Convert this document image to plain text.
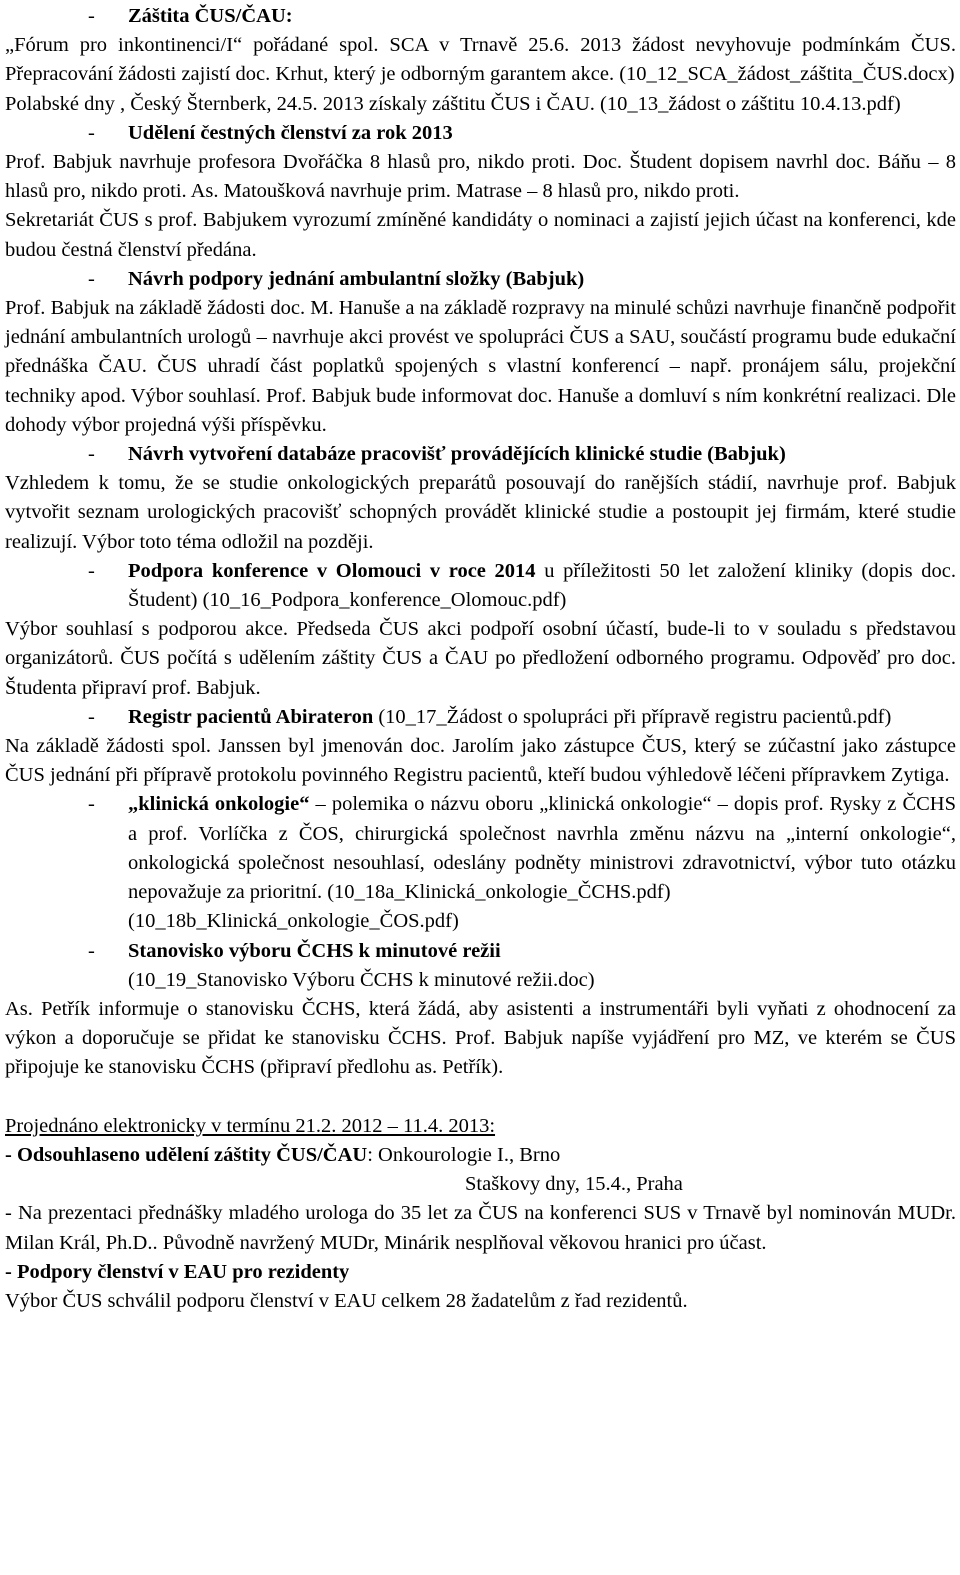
-	Záštita ČUS/ČAU:

„Fórum pro inkontinenci/I“ pořádané spol. SCA v Trnavě 25.6. 2013 žádost nevyhovuje podmínkám ČUS. Přepracování žádosti zajistí doc. Krhut, který je odborným garantem akce. (10_12_SCA_žádost_záštita_ČUS.docx)

Polabské dny , Český Šternberk, 24.5. 2013 získaly záštitu ČUS i ČAU. (10_13_žádost o záštitu 10.4.13.pdf)

-	Udělení čestných členství za rok 2013

Prof. Babjuk navrhuje profesora Dvořáčka 8 hlasů pro, nikdo proti. Doc. Študent dopisem navrhl doc. Báňu – 8 hlasů pro, nikdo proti. As. Matoušková navrhuje prim. Matrase – 8 hlasů pro, nikdo proti.

Sekretariát ČUS s prof. Babjukem vyrozumí zmíněné kandidáty o nominaci a zajistí jejich účast na konferenci, kde budou čestná členství předána.

-	Návrh podpory jednání ambulantní složky (Babjuk)

Prof. Babjuk na základě žádosti doc. M. Hanuše a na základě rozpravy na minulé schůzi navrhuje finančně podpořit jednání ambulantních urologů – navrhuje akci provést ve spolupráci ČUS a SAU, součástí programu bude edukační přednáška ČAU. ČUS uhradí část poplatků spojených s vlastní konferencí – např. pronájem sálu, projekční techniky apod. Výbor souhlasí. Prof. Babjuk bude informovat doc. Hanuše a domluví s ním konkrétní realizaci. Dle dohody výbor projedná výši příspěvku.

-	Návrh vytvoření databáze pracovišť provádějících klinické studie (Babjuk)

Vzhledem k tomu, že se studie onkologických preparátů posouvají do ranějších stádií, navrhuje prof. Babjuk vytvořit seznam urologických pracovišť schopných provádět klinické studie a postoupit jej firmám, které studie realizují. Výbor toto téma odložil na později.

-	Podpora konference v Olomouci v roce 2014 u příležitosti 50 let založení kliniky (dopis doc. Študent) (10_16_Podpora_konference_Olomouc.pdf)

Výbor souhlasí s podporou akce. Předseda ČUS akci podpoří osobní účastí, bude-li to v souladu s představou organizátorů. ČUS počítá s udělením záštity ČUS a ČAU po předložení odborného programu. Odpověď pro doc. Študenta připraví prof. Babjuk.

-	Registr pacientů Abirateron (10_17_Žádost o spolupráci při přípravě registru pacientů.pdf)

Na základě žádosti spol. Janssen byl jmenován doc. Jarolím jako zástupce ČUS, který se zúčastní jako zástupce ČUS jednání při přípravě protokolu povinného Registru pacientů, kteří budou výhledově léčeni přípravkem Zytiga.

-	„klinická onkologie“ – polemika o názvu oboru „klinická onkologie“ – dopis prof. Rysky z ČCHS a prof. Vorlíčka z ČOS, chirurgická společnost navrhla změnu názvu na „interní onkologie“, onkologická společnost nesouhlasí, odeslány podněty ministrovi zdravotnictví, výbor tuto otázku nepovažuje za prioritní. (10_18a_Klinická_onkologie_ČCHS.pdf)
(10_18b_Klinická_onkologie_ČOS.pdf)
-	Stanovisko výboru ČCHS k minutové režii
(10_19_Stanovisko Výboru ČCHS k minutové režii.doc)

As. Petřík informuje o stanovisku ČCHS, která žádá, aby asistenti a instrumentáři byli vyňati z ohodnocení za výkon a doporučuje se přidat ke stanovisku ČCHS. Prof. Babjuk napíše vyjádření pro MZ, ve kterém se ČUS připojuje ke stanovisku ČCHS (připraví předlohu as. Petřík).

Projednáno elektronicky v termínu 21.2. 2012 – 11.4. 2013:

- Odsouhlaseno udělení záštity ČUS/ČAU: Onkourologie I., Brno

Staškovy dny, 15.4., Praha

- Na prezentaci přednášky mladého urologa do 35 let za ČUS na konferenci SUS v Trnavě byl nominován MUDr. Milan Král, Ph.D.. Původně navržený MUDr, Minárik nesplňoval věkovou hranici pro účast.

- Podpory členství v EAU pro rezidenty

Výbor ČUS schválil podporu členství v EAU celkem 28 žadatelům z řad rezidentů.
